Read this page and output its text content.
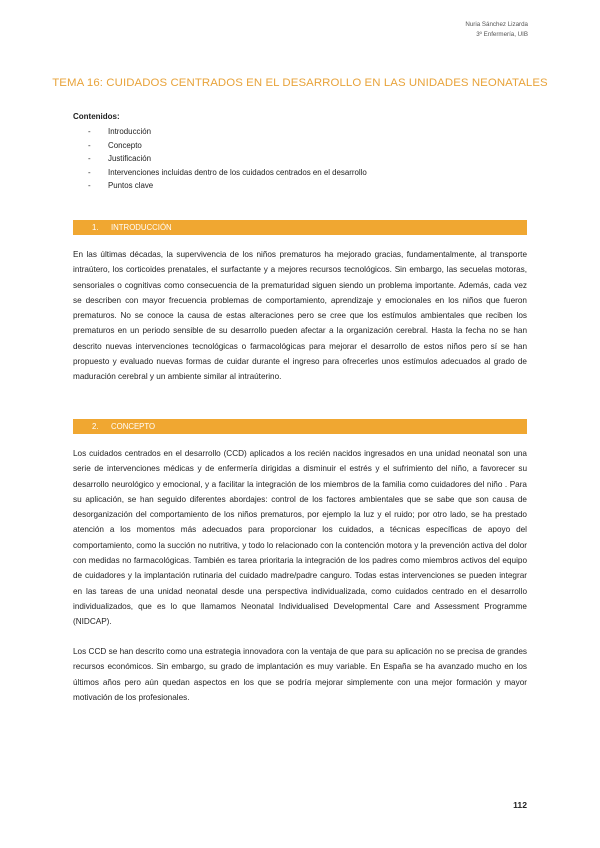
Nuria Sánchez Lizarda
3º Enfermería, UIB
TEMA 16: CUIDADOS CENTRADOS EN EL DESARROLLO EN LAS UNIDADES NEONATALES
Contenidos:
- Introducción
- Concepto
- Justificación
- Intervenciones incluidas dentro de los cuidados centrados en el desarrollo
- Puntos clave
1. INTRODUCCIÓN

En las últimas décadas, la supervivencia de los niños prematuros ha mejorado gracias, fundamentalmente, al transporte intraútero, los corticoides prenatales, el surfactante y a mejores recursos tecnológicos. Sin embargo, las secuelas motoras, sensoriales o cognitivas como consecuencia de la prematuridad siguen siendo un problema importante. Además, cada vez se describen con mayor frecuencia problemas de comportamiento, aprendizaje y emocionales en los niños que fueron prematuros. No se conoce la causa de estas alteraciones pero se cree que los estímulos ambientales que reciben los prematuros en un periodo sensible de su desarrollo pueden afectar a la organización cerebral. Hasta la fecha no se han descrito nuevas intervenciones tecnológicas o farmacológicas para mejorar el desarrollo de estos niños pero sí se han propuesto y evaluado nuevas formas de cuidar durante el ingreso para ofrecerles unos estímulos adecuados al grado de maduración cerebral y un ambiente similar al intraúterino.

2. CONCEPTO

Los cuidados centrados en el desarrollo (CCD) aplicados a los recién nacidos ingresados en una unidad neonatal son una serie de intervenciones médicas y de enfermería dirigidas a disminuir el estrés y el sufrimiento del niño, a favorecer su desarrollo neurológico y emocional, y a facilitar la integración de los miembros de la familia como cuidadores del niño . Para su aplicación, se han seguido diferentes abordajes: control de los factores ambientales que se sabe que son causa de desorganización del comportamiento de los niños prematuros, por ejemplo la luz y el ruido; por otro lado, se ha prestado atención a los momentos más adecuados para proporcionar los cuidados, a técnicas específicas de apoyo del comportamiento, como la succión no nutritiva, y todo lo relacionado con la contención motora y la prevención activa del dolor con medidas no farmacológicas. También es tarea prioritaria la integración de los padres como miembros activos del equipo de cuidadores y la implantación rutinaria del cuidado madre/padre canguro. Todas estas intervenciones se pueden integrar en las tareas de una unidad neonatal desde una perspectiva individualizada, como cuidados centrado en el desarrollo individualizados, que es lo que llamamos Neonatal Individualised Developmental Care and Assessment Programme (NIDCAP).

Los CCD se han descrito como una estrategia innovadora con la ventaja de que para su aplicación no se precisa de grandes recursos económicos. Sin embargo, su grado de implantación es muy variable. En España se ha avanzado mucho en los últimos años pero aún quedan aspectos en los que se podría mejorar simplemente con una mejor formación y mayor motivación de los profesionales.

112
